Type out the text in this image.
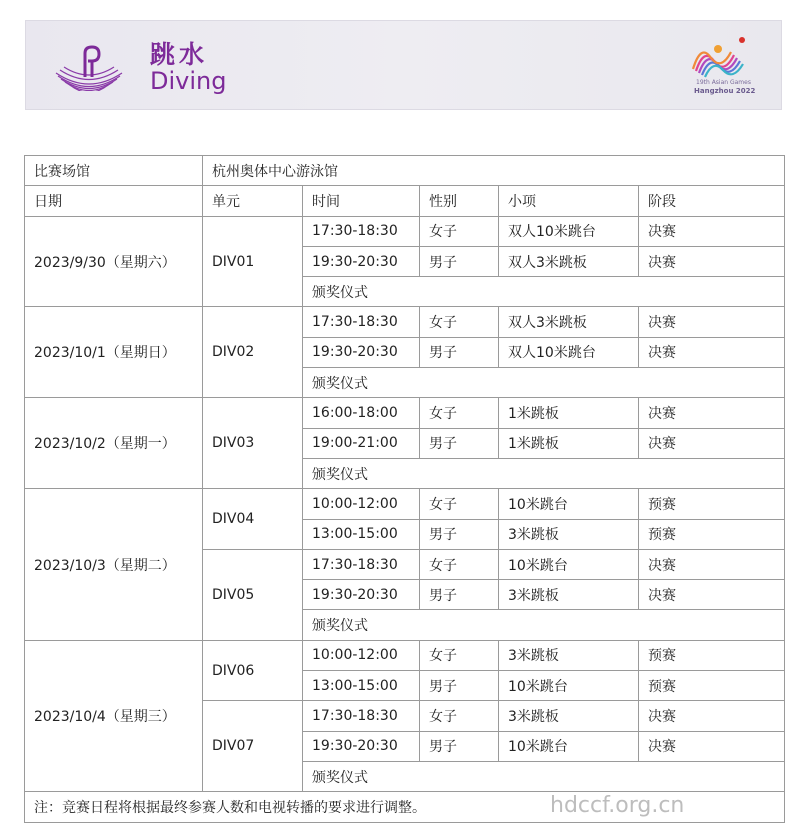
跳水
Diving	19th Asian Games
Hangzhou 2022
比赛场馆	杭州奥体中心游泳馆				
日期	单元	时间	性别	小项	阶段
2023/9/30（星期六）	DIV01	17:30-18:30	女子	双人10米跳台	决赛
		19:30-20:30	男子	双人3米跳板	决赛
		颁奖仪式			
2023/10/1（星期日）	DIV02	17:30-18:30	女子	双人3米跳板	决赛
		19:30-20:30	男子	双人10米跳台	决赛
		颁奖仪式			
2023/10/2（星期一）	DIV03	16:00-18:00	女子	1米跳板	决赛
		19:00-21:00	男子	1米跳板	决赛
		颁奖仪式			
2023/10/3（星期二）	DIV04	10:00-12:00	女子	10米跳台	预赛
		13:00-15:00	男子	3米跳板	预赛
	DIV05	17:30-18:30	女子	10米跳台	决赛
		19:30-20:30	男子	3米跳板	决赛
		颁奖仪式			
2023/10/4（星期三）	DIV06	10:00-12:00	女子	3米跳板	预赛
		13:00-15:00	男子	10米跳台	预赛
	DIV07	17:30-18:30	女子	3米跳板	决赛
		19:30-20:30	男子	10米跳台	决赛
		颁奖仪式			
注：竞赛日程将根据最终参赛人数和电视转播的要求进行调整。						hdccf.org.cn
